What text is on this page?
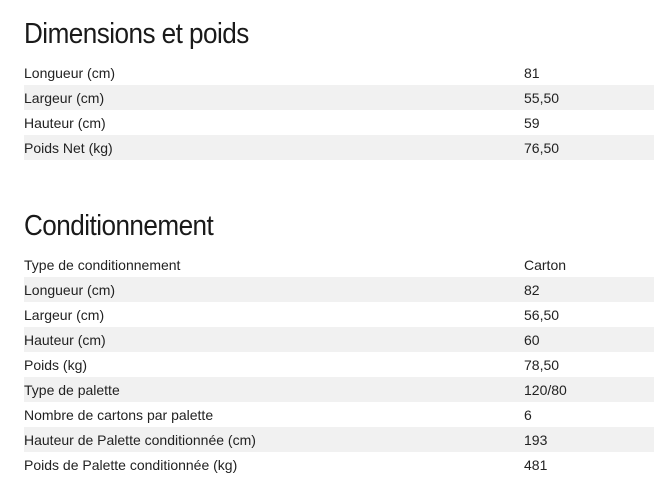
Dimensions et poids
Longueur (cm)	81
Largeur (cm)	55,50
Hauteur (cm)	59
Poids Net (kg)	76,50
Conditionnement
Type de conditionnement	Carton
Longueur (cm)	82
Largeur (cm)	56,50
Hauteur (cm)	60
Poids (kg)	78,50
Type de palette	120/80
Nombre de cartons par palette	6
Hauteur de Palette conditionnée (cm)	193
Poids de Palette conditionnée (kg)	481
